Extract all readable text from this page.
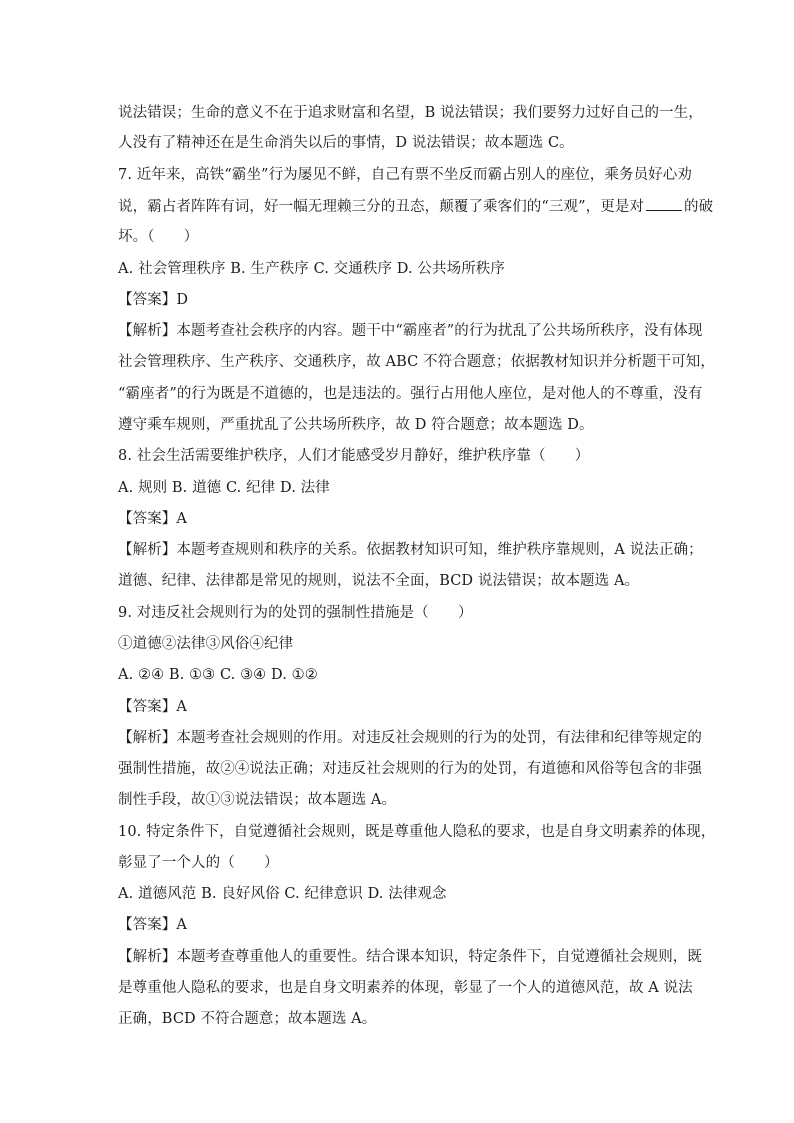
说法错误；生命的意义不在于追求财富和名望，B 说法错误；我们要努力过好自己的一生，
人没有了精神还在是生命消失以后的事情，D 说法错误；故本题选 C。
7. 近年来，高铁“霸坐”行为屡见不鲜，自己有票不坐反而霸占别人的座位，乘务员好心劝
说，霸占者阵阵有词，好一幅无理赖三分的丑态，颠覆了乘客们的“三观”，更是对	的破
坏。（　　）
A. 社会管理秩序 B. 生产秩序 C. 交通秩序 D. 公共场所秩序
【答案】D
【解析】本题考查社会秩序的内容。题干中“霸座者”的行为扰乱了公共场所秩序，没有体现
社会管理秩序、生产秩序、交通秩序，故 ABC 不符合题意；依据教材知识并分析题干可知，
“霸座者”的行为既是不道德的，也是违法的。强行占用他人座位，是对他人的不尊重，没有
遵守乘车规则，严重扰乱了公共场所秩序，故 D 符合题意；故本题选 D。
8. 社会生活需要维护秩序，人们才能感受岁月静好，维护秩序靠（　　）
A. 规则 B. 道德 C. 纪律 D. 法律
【答案】A
【解析】本题考查规则和秩序的关系。依据教材知识可知，维护秩序靠规则，A 说法正确；
道德、纪律、法律都是常见的规则，说法不全面，BCD 说法错误；故本题选 A。
9. 对违反社会规则行为的处罚的强制性措施是（　　）
①道德②法律③风俗④纪律
A. ②④ B. ①③ C. ③④ D. ①②
【答案】A
【解析】本题考查社会规则的作用。对违反社会规则的行为的处罚，有法律和纪律等规定的
强制性措施，故②④说法正确；对违反社会规则的行为的处罚，有道德和风俗等包含的非强
制性手段，故①③说法错误；故本题选 A。
10. 特定条件下，自觉遵循社会规则，既是尊重他人隐私的要求，也是自身文明素养的体现，
彰显了一个人的（　　）
A. 道德风范 B. 良好风俗 C. 纪律意识 D. 法律观念
【答案】A
【解析】本题考查尊重他人的重要性。结合课本知识，特定条件下，自觉遵循社会规则，既
是尊重他人隐私的要求，也是自身文明素养的体现，彰显了一个人的道德风范，故 A 说法
正确，BCD 不符合题意；故本题选 A。
